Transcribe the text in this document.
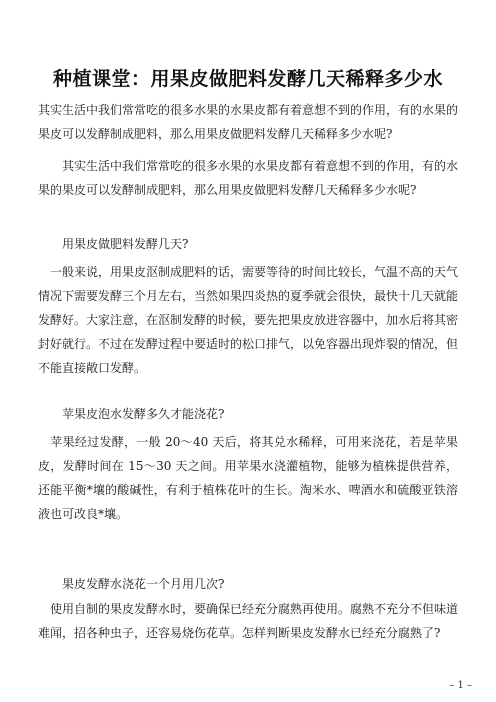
种植课堂：用果皮做肥料发酵几天稀释多少水

其实生活中我们常常吃的很多水果的水果皮都有着意想不到的作用，有的水果的果皮可以发酵制成肥料，那么用果皮做肥料发酵几天稀释多少水呢?

　　其实生活中我们常常吃的很多水果的水果皮都有着意想不到的作用，有的水果的果皮可以发酵制成肥料，那么用果皮做肥料发酵几天稀释多少水呢?

用果皮做肥料发酵几天?

　一般来说，用果皮沤制成肥料的话，需要等待的时间比较长，气温不高的天气情况下需要发酵三个月左右，当然如果四炎热的夏季就会很快，最快十几天就能发酵好。大家注意，在沤制发酵的时候，要先把果皮放进容器中，加水后将其密封好就行。不过在发酵过程中要适时的松口排气，以免容器出现炸裂的情况，但不能直接敞口发酵。

苹果皮泡水发酵多久才能浇花?

　苹果经过发酵，一般 20～40 天后，将其兑水稀释，可用来浇花，若是苹果皮，发酵时间在 15～30 天之间。用苹果水浇灌植物，能够为植株提供营养，还能平衡*壤的酸碱性，有利于植株花叶的生长。淘米水、啤酒水和硫酸亚铁溶液也可改良*壤。

果皮发酵水浇花一个月用几次?

　使用自制的果皮发酵水时，要确保已经充分腐熟再使用。腐熟不充分不但味道难闻，招各种虫子，还容易烧伤花草。怎样判断果皮发酵水已经充分腐熟了?

– 1 –
